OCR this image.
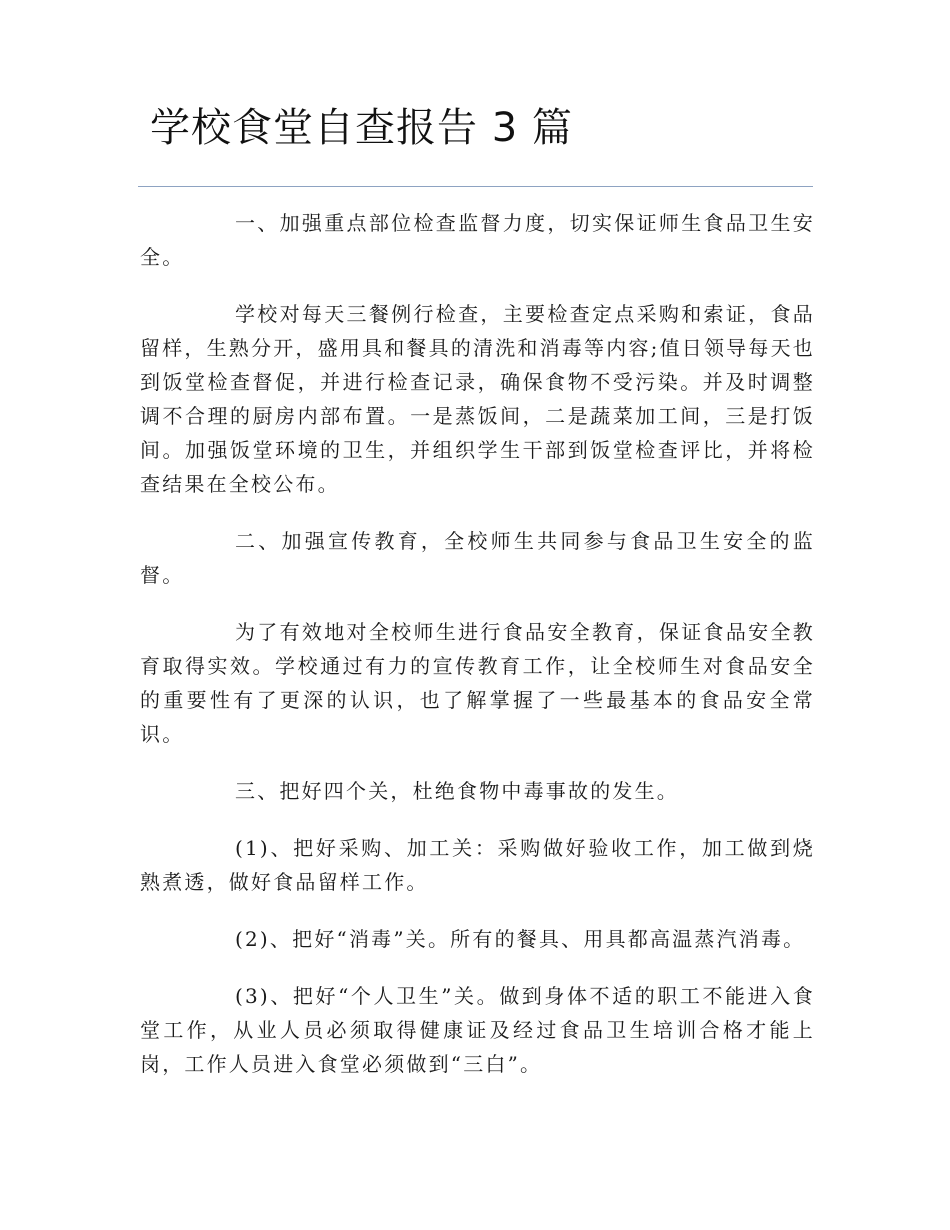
学校食堂自查报告 3 篇

一、加强重点部位检查监督力度，切实保证师生食品卫生安全。

学校对每天三餐例行检查，主要检查定点采购和索证，食品留样，生熟分开，盛用具和餐具的清洗和消毒等内容;值日领导每天也到饭堂检查督促，并进行检查记录，确保食物不受污染。并及时调整调不合理的厨房内部布置。一是蒸饭间，二是蔬菜加工间，三是打饭间。加强饭堂环境的卫生，并组织学生干部到饭堂检查评比，并将检查结果在全校公布。

二、加强宣传教育，全校师生共同参与食品卫生安全的监督。

为了有效地对全校师生进行食品安全教育，保证食品安全教育取得实效。学校通过有力的宣传教育工作，让全校师生对食品安全的重要性有了更深的认识，也了解掌握了一些最基本的食品安全常识。

三、把好四个关，杜绝食物中毒事故的发生。

(1)、把好采购、加工关：采购做好验收工作，加工做到烧熟煮透，做好食品留样工作。

(2)、把好“消毒”关。所有的餐具、用具都高温蒸汽消毒。

(3)、把好“个人卫生”关。做到身体不适的职工不能进入食堂工作，从业人员必须取得健康证及经过食品卫生培训合格才能上岗，工作人员进入食堂必须做到“三白”。
